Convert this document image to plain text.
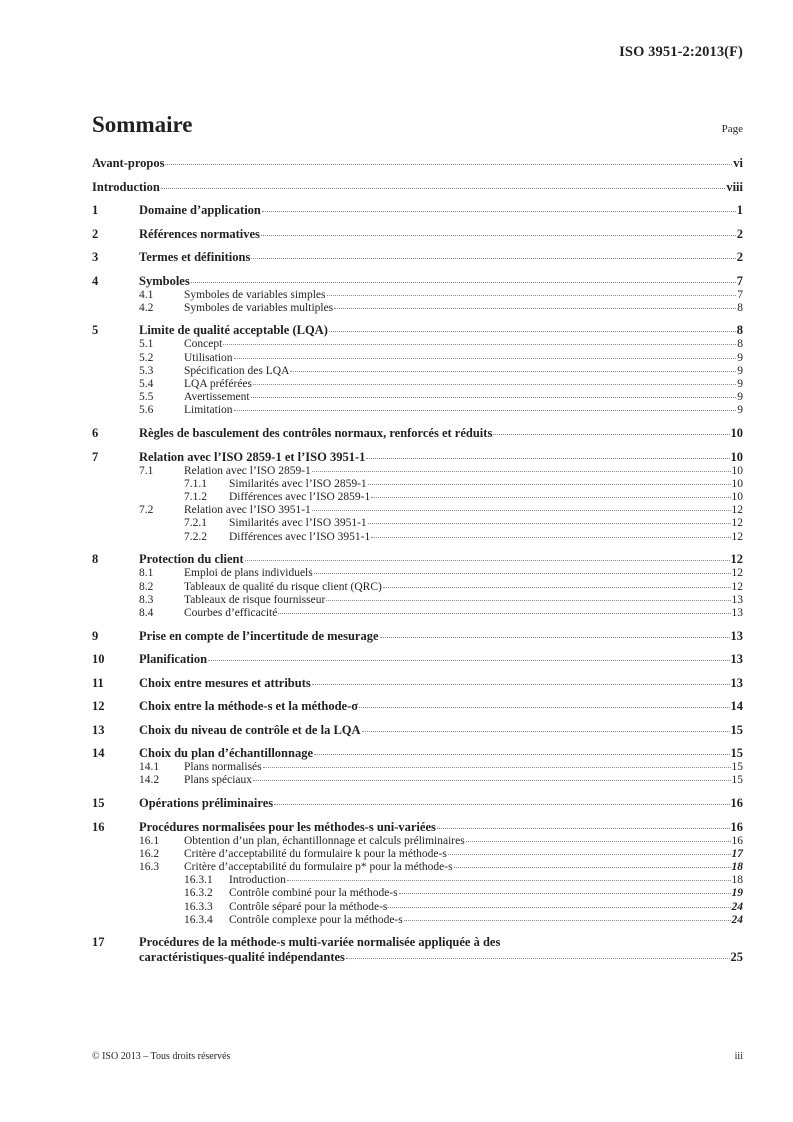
ISO 3951-2:2013(F)
Sommaire	Page
Avant-propos	vi
Introduction	viii
1	Domaine d’application	1
2	Références normatives	2
3	Termes et définitions	2
4	Symboles	7
4.1	Symboles de variables simples	7
4.2	Symboles de variables multiples	8
5	Limite de qualité acceptable (LQA)	8
5.1	Concept	8
5.2	Utilisation	9
5.3	Spécification des LQA	9
5.4	LQA préférées	9
5.5	Avertissement	9
5.6	Limitation	9
6	Règles de basculement des contrôles normaux, renforcés et réduits	10
7	Relation avec l’ISO 2859-1 et l’ISO 3951-1	10
7.1	Relation avec l’ISO 2859-1	10
7.1.1	Similarités avec l’ISO 2859-1	10
7.1.2	Différences avec l’ISO 2859-1	10
7.2	Relation avec l’ISO 3951-1	12
7.2.1	Similarités avec l’ISO 3951-1	12
7.2.2	Différences avec l’ISO 3951-1	12
8	Protection du client	12
8.1	Emploi de plans individuels	12
8.2	Tableaux de qualité du risque client (QRC)	12
8.3	Tableaux de risque fournisseur	13
8.4	Courbes d’efficacité	13
9	Prise en compte de l’incertitude de mesurage	13
10	Planification	13
11	Choix entre mesures et attributs	13
12	Choix entre la méthode-s et la méthode-σ	14
13	Choix du niveau de contrôle et de la LQA	15
14	Choix du plan d’échantillonnage	15
14.1	Plans normalisés	15
14.2	Plans spéciaux	15
15	Opérations préliminaires	16
16	Procédures normalisées pour les méthodes-s uni-variées	16
16.1	Obtention d’un plan, échantillonnage et calculs préliminaires	16
16.2	Critère d’acceptabilité du formulaire k pour la méthode-s	17
16.3	Critère d’acceptabilité du formulaire p* pour la méthode-s	18
16.3.1	Introduction	18
16.3.2	Contrôle combiné pour la méthode-s	19
16.3.3	Contrôle séparé pour la méthode-s	24
16.3.4	Contrôle complexe pour la méthode-s	24
17	Procédures de la méthode-s multi-variée normalisée appliquée à des
caractéristiques-qualité indépendantes	25
© ISO 2013 – Tous droits réservés	iii
